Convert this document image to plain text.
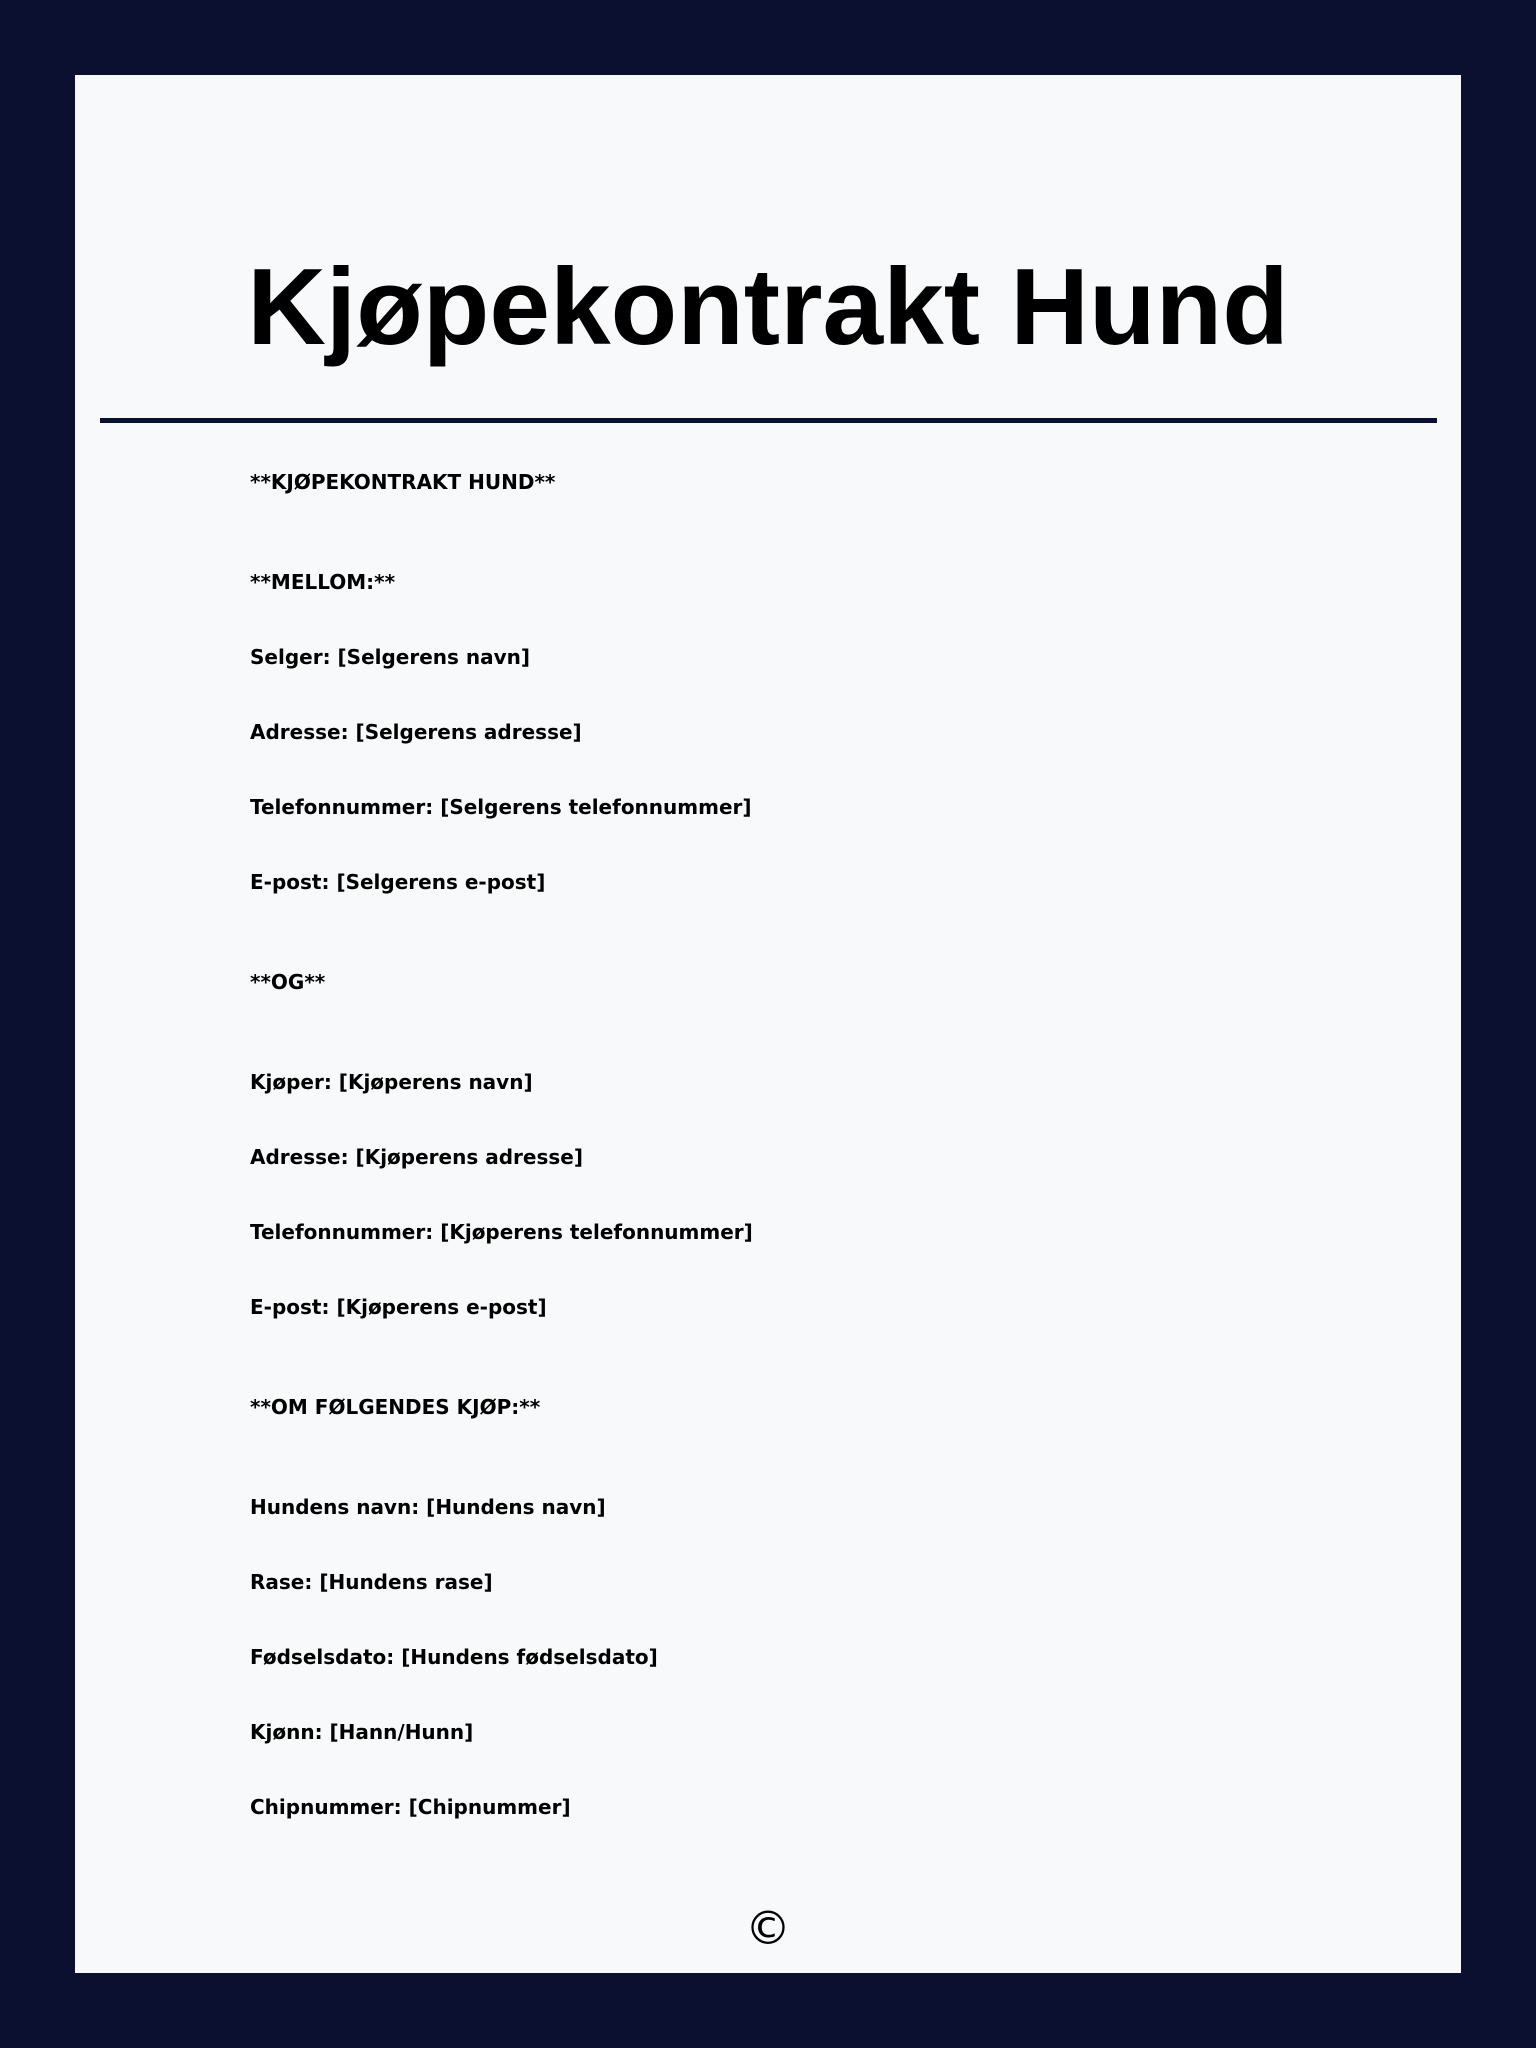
Kjøpekontrakt Hund
**KJØPEKONTRAKT HUND**
**MELLOM:**
Selger: [Selgerens navn]
Adresse: [Selgerens adresse]
Telefonnummer: [Selgerens telefonnummer]
E-post: [Selgerens e-post]
**OG**
Kjøper: [Kjøperens navn]
Adresse: [Kjøperens adresse]
Telefonnummer: [Kjøperens telefonnummer]
E-post: [Kjøperens e-post]
**OM FØLGENDES KJØP:**
Hundens navn: [Hundens navn]
Rase: [Hundens rase]
Fødselsdato: [Hundens fødselsdato]
Kjønn: [Hann/Hunn]
Chipnummer: [Chipnummer]
©
